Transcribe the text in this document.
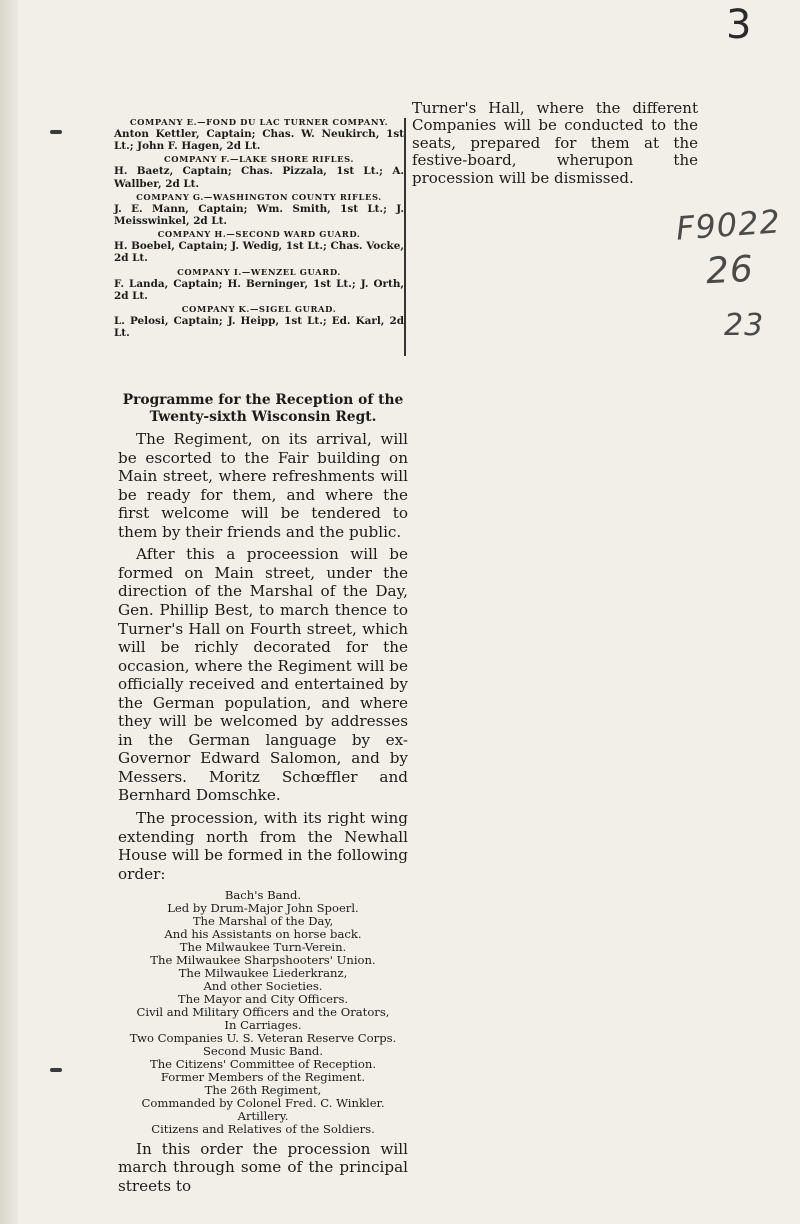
3
F9022
26
23
COMPANY E.—FOND DU LAC TURNER COMPANY.
Anton Kettler, Captain; Chas. W. Neukirch, 1st Lt.; John F. Hagen, 2d Lt.
COMPANY F.—LAKE SHORE RIFLES.
H. Baetz, Captain; Chas. Pizzala, 1st Lt.; A. Wallber, 2d Lt.
COMPANY G.—WASHINGTON COUNTY RIFLES.
J. E. Mann, Captain; Wm. Smith, 1st Lt.; J. Meisswinkel, 2d Lt.
COMPANY H.—SECOND WARD GUARD.
H. Boebel, Captain; J. Wedig, 1st Lt.; Chas. Vocke, 2d Lt.
COMPANY I.—WENZEL GUARD.
F. Landa, Captain; H. Berninger, 1st Lt.; J. Orth, 2d Lt.
COMPANY K.—SIGEL GURAD.
L. Pelosi, Captain; J. Heipp, 1st Lt.; Ed. Karl, 2d Lt.
Turner's Hall, where the different Companies will be conducted to the seats, prepared for them at the festive-board, wherupon the procession will be dismissed.
Programme for the Reception of the
Twenty-sixth Wisconsin Regt.

The Regiment, on its arrival, will be escorted to the Fair building on Main street, where refreshments will be ready for them, and where the first welcome will be tendered to them by their friends and the public.

After this a proceession will be formed on Main street, under the direction of the Marshal of the Day, Gen. Phillip Best, to march thence to Turner's Hall on Fourth street, which will be richly decorated for the occasion, where the Regiment will be officially received and entertained by the German population, and where they will be welcomed by addresses in the German language by ex-Governor Edward Salomon, and by Messers. Moritz Schœffler and Bernhard Domschke.

The procession, with its right wing extending north from the Newhall House will be formed in the following order:

Bach's Band.
Led by Drum-Major John Spoerl.
The Marshal of the Day,
And his Assistants on horse back.
The Milwaukee Turn-Verein.
The Milwaukee Sharpshooters' Union.
The Milwaukee Liederkranz,
And other Societies.
The Mayor and City Officers.
Civil and Military Officers and the Orators,
In Carriages.
Two Companies U. S. Veteran Reserve Corps.
Second Music Band.
The Citizens' Committee of Reception.
Former Members of the Regiment.
The 26th Regiment,
Commanded by Colonel Fred. C. Winkler.
Artillery.
Citizens and Relatives of the Soldiers.

In this order the procession will march through some of the principal streets to
